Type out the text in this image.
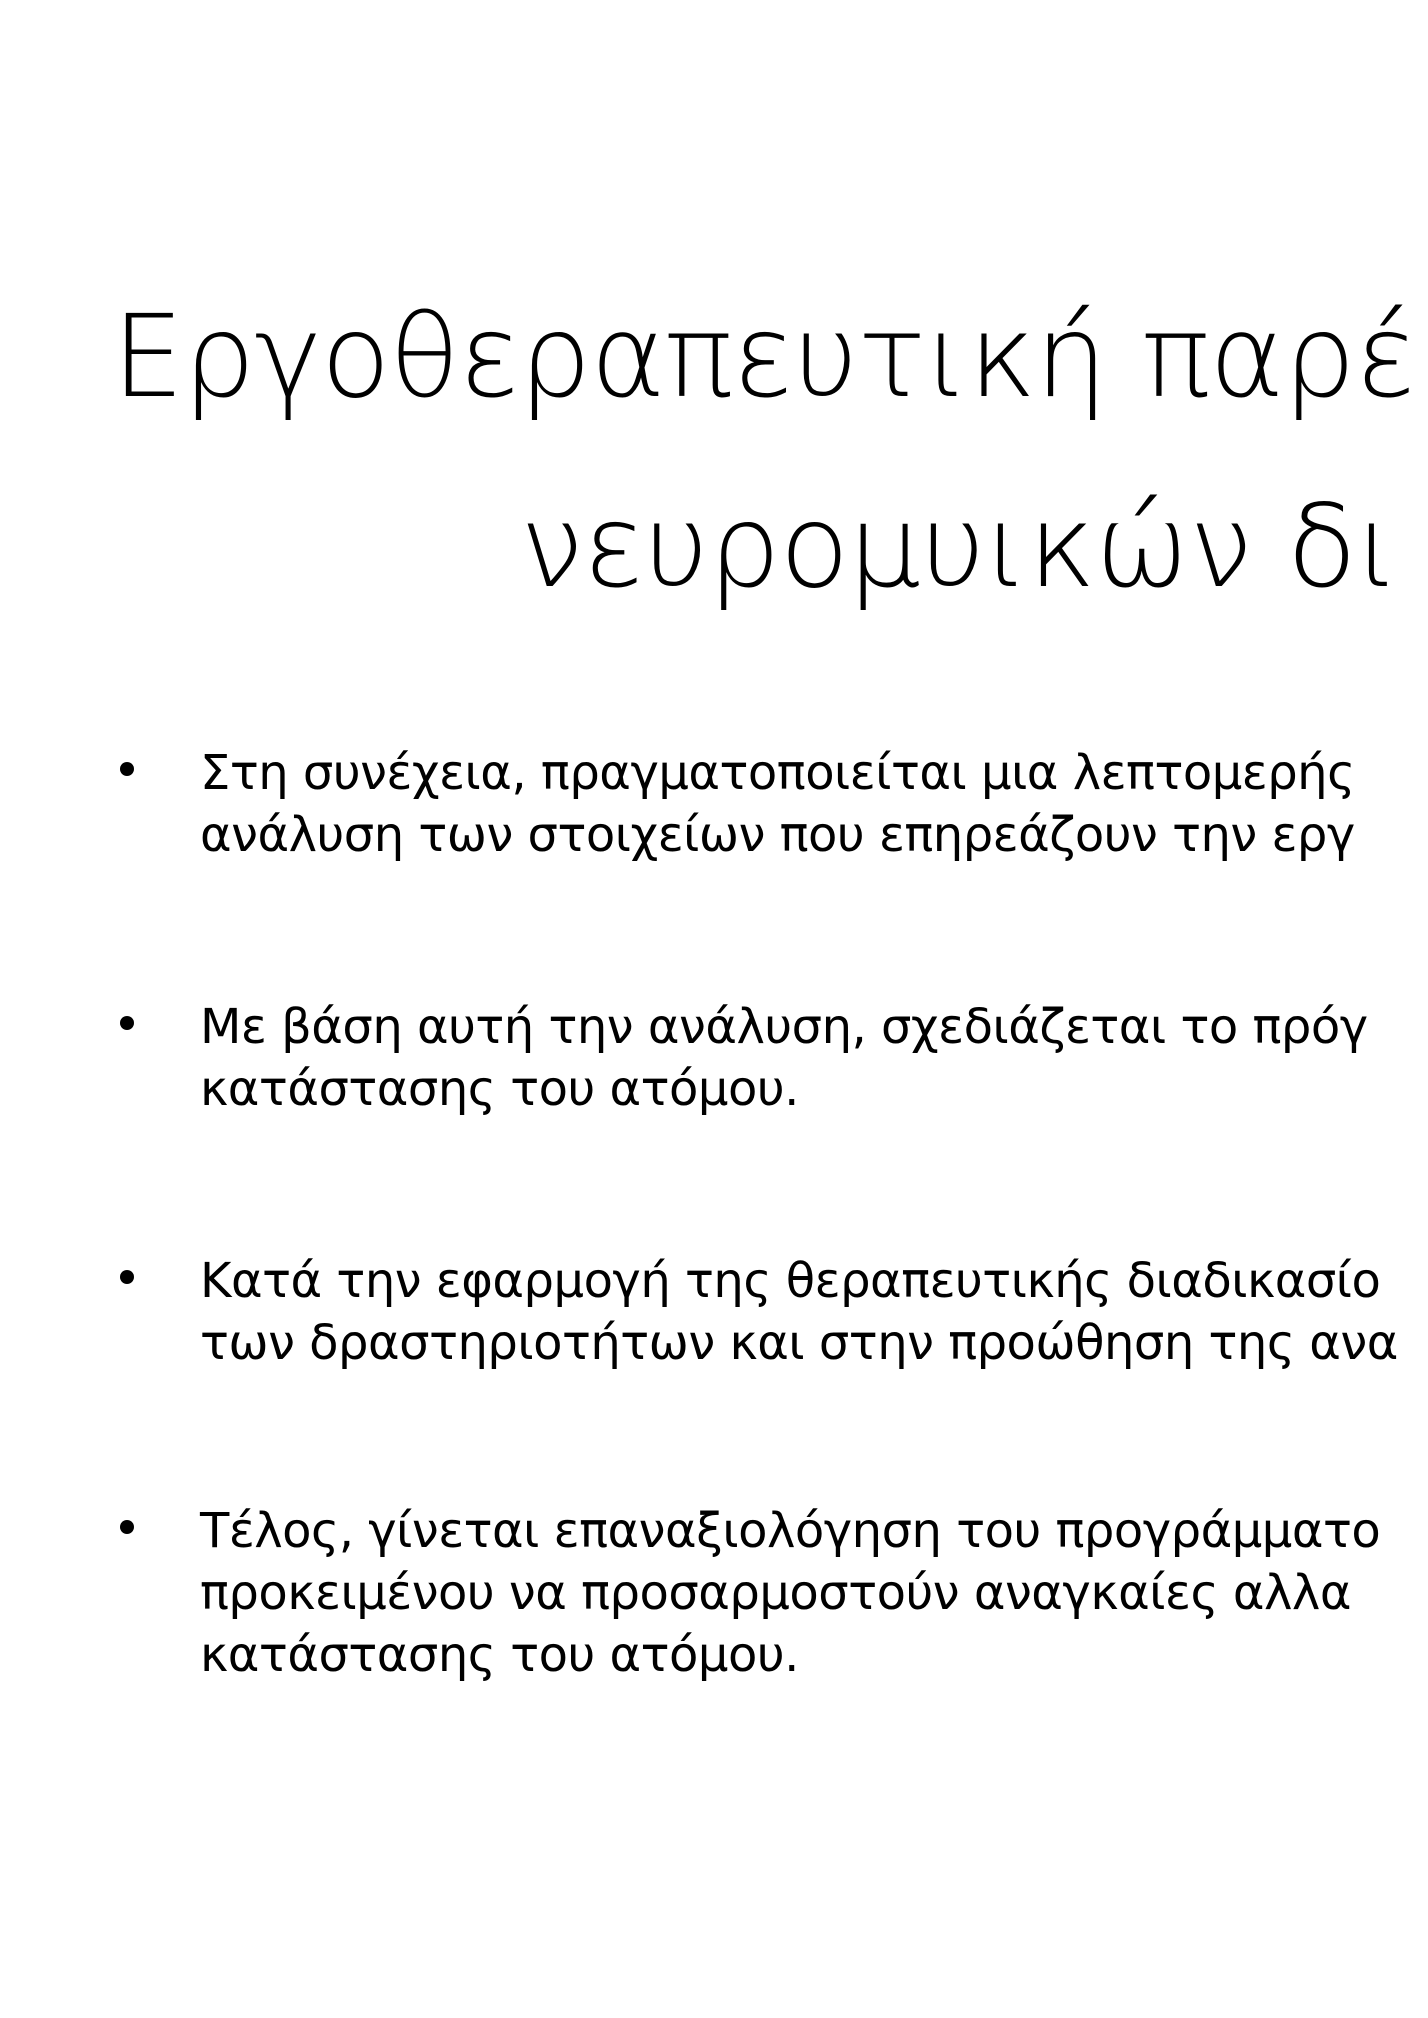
Εργοθεραπευτική παρέ
νευρομυικών δι
Στη συνέχεια, πραγματοποιείται μια λεπτομερής
ανάλυση των στοιχείων που επηρεάζουν την εργ
Με βάση αυτή την ανάλυση, σχεδιάζεται το πρόγ
κατάστασης του ατόμου.
Κατά την εφαρμογή της θεραπευτικής διαδικασίο
των δραστηριοτήτων και στην προώθηση της ανα
Τέλος, γίνεται επαναξιολόγηση του προγράμματο
προκειμένου να προσαρμοστούν αναγκαίες αλλα
κατάστασης του ατόμου.
